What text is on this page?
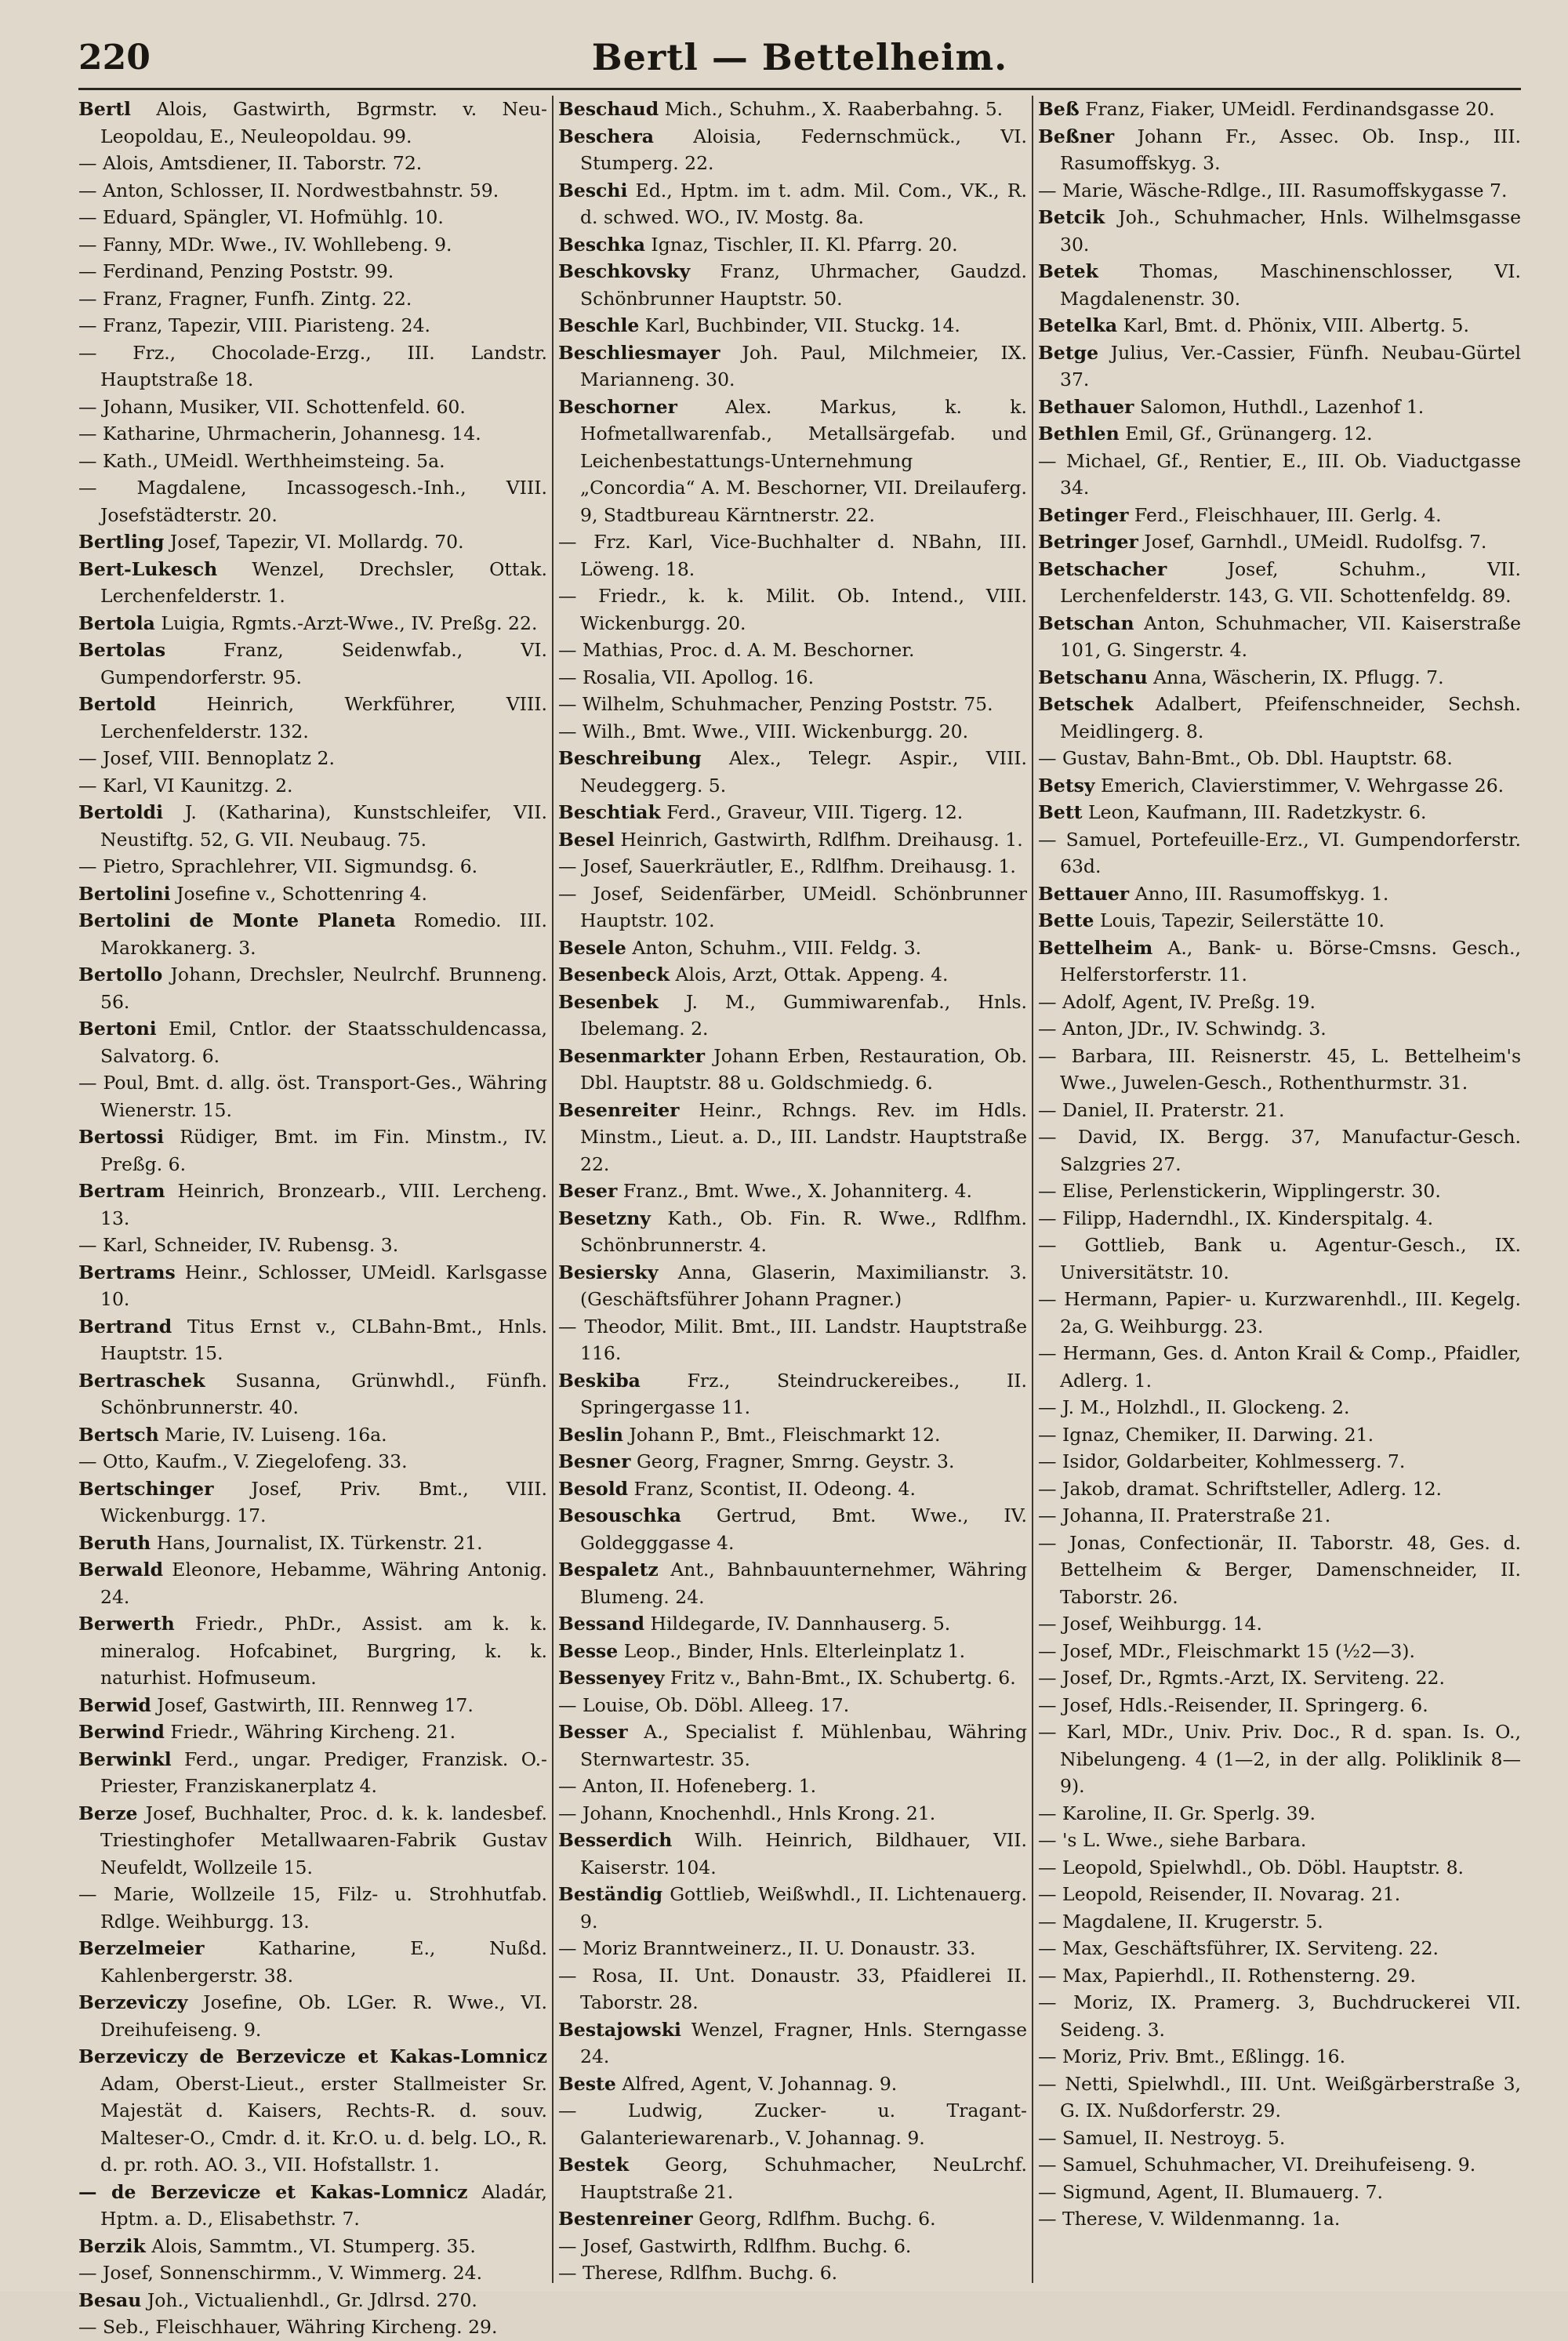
220	Bertl — Bettelheim.

Bertl Alois, Gastwirth, Bgrmstr. v. Neu-Leopoldau, E., Neuleopoldau. 99.

— Alois, Amtsdiener, II. Taborstr. 72.

— Anton, Schlosser, II. Nordwestbahnstr. 59.

— Eduard, Spängler, VI. Hofmühlg. 10.

— Fanny, MDr. Wwe., IV. Wohllebeng. 9.

— Ferdinand, Penzing Poststr. 99.

— Franz, Fragner, Funfh. Zintg. 22.

— Franz, Tapezir, VIII. Piaristeng. 24.

— Frz., Chocolade-Erzg., III. Landstr. Hauptstraße 18.

— Johann, Musiker, VII. Schottenfeld. 60.

— Katharine, Uhrmacherin, Johannesg. 14.

— Kath., UMeidl. Werthheimsteing. 5a.

— Magdalene, Incassogesch.-Inh., VIII. Josefstädterstr. 20.

Bertling Josef, Tapezir, VI. Mollardg. 70.

Bert-Lukesch Wenzel, Drechsler, Ottak. Lerchenfelderstr. 1.

Bertola Luigia, Rgmts.-Arzt-Wwe., IV. Preßg. 22.

Bertolas Franz, Seidenwfab., VI. Gumpendorferstr. 95.

Bertold Heinrich, Werkführer, VIII. Lerchenfelderstr. 132.

— Josef, VIII. Bennoplatz 2.

— Karl, VI Kaunitzg. 2.

Bertoldi J. (Katharina), Kunstschleifer, VII. Neustiftg. 52, G. VII. Neubaug. 75.

— Pietro, Sprachlehrer, VII. Sigmundsg. 6.

Bertolini Josefine v., Schottenring 4.

Bertolini de Monte Planeta Romedio. III. Marokkanerg. 3.

Bertollo Johann, Drechsler, Neulrchf. Brunneng. 56.

Bertoni Emil, Cntlor. der Staatsschuldencassa, Salvatorg. 6.

— Poul, Bmt. d. allg. öst. Transport-Ges., Währing Wienerstr. 15.

Bertossi Rüdiger, Bmt. im Fin. Minstm., IV. Preßg. 6.

Bertram Heinrich, Bronzearb., VIII. Lercheng. 13.

— Karl, Schneider, IV. Rubensg. 3.

Bertrams Heinr., Schlosser, UMeidl. Karlsgasse 10.

Bertrand Titus Ernst v., CLBahn-Bmt., Hnls. Hauptstr. 15.

Bertraschek Susanna, Grünwhdl., Fünfh. Schönbrunnerstr. 40.

Bertsch Marie, IV. Luiseng. 16a.

— Otto, Kaufm., V. Ziegelofeng. 33.

Bertschinger Josef, Priv. Bmt., VIII. Wickenburgg. 17.

Beruth Hans, Journalist, IX. Türkenstr. 21.

Berwald Eleonore, Hebamme, Währing Antonig. 24.

Berwerth Friedr., PhDr., Assist. am k. k. mineralog. Hofcabinet, Burgring, k. k. naturhist. Hofmuseum.

Berwid Josef, Gastwirth, III. Rennweg 17.

Berwind Friedr., Währing Kircheng. 21.

Berwinkl Ferd., ungar. Prediger, Franzisk. O.-Priester, Franziskanerplatz 4.

Berze Josef, Buchhalter, Proc. d. k. k. landesbef. Triestinghofer Metallwaaren-Fabrik Gustav Neufeldt, Wollzeile 15.

— Marie, Wollzeile 15, Filz- u. Strohhutfab. Rdlge. Weihburgg. 13.

Berzelmeier Katharine, E., Nußd. Kahlenbergerstr. 38.

Berzeviczy Josefine, Ob. LGer. R. Wwe., VI. Dreihufeiseng. 9.

Berzeviczy de Berzevicze et Kakas-Lomnicz Adam, Oberst-Lieut., erster Stallmeister Sr. Majestät d. Kaisers, Rechts-R. d. souv. Malteser-O., Cmdr. d. it. Kr.O. u. d. belg. LO., R. d. pr. roth. AO. 3., VII. Hofstallstr. 1.

— de Berzevicze et Kakas-Lomnicz Aladár, Hptm. a. D., Elisabethstr. 7.

Berzik Alois, Sammtm., VI. Stumperg. 35.

— Josef, Sonnenschirmm., V. Wimmerg. 24.

Besau Joh., Victualienhdl., Gr. Jdlrsd. 270.

— Seb., Fleischhauer, Währing Kircheng. 29.

Beschaud Mich., Schuhm., X. Raaberbahng. 5.

Beschera Aloisia, Federnschmück., VI. Stumperg. 22.

Beschi Ed., Hptm. im t. adm. Mil. Com., VK., R. d. schwed. WO., IV. Mostg. 8a.

Beschka Ignaz, Tischler, II. Kl. Pfarrg. 20.

Beschkovsky Franz, Uhrmacher, Gaudzd. Schönbrunner Hauptstr. 50.

Beschle Karl, Buchbinder, VII. Stuckg. 14.

Beschliesmayer Joh. Paul, Milchmeier, IX. Marianneng. 30.

Beschorner Alex. Markus, k. k. Hofmetallwarenfab., Metallsärgefab. und Leichenbestattungs-Unternehmung „Concordia“ A. M. Beschorner, VII. Dreilauferg. 9, Stadtbureau Kärntnerstr. 22.

— Frz. Karl, Vice-Buchhalter d. NBahn, III. Löweng. 18.

— Friedr., k. k. Milit. Ob. Intend., VIII. Wickenburgg. 20.

— Mathias, Proc. d. A. M. Beschorner.

— Rosalia, VII. Apollog. 16.

— Wilhelm, Schuhmacher, Penzing Poststr. 75.

— Wilh., Bmt. Wwe., VIII. Wickenburgg. 20.

Beschreibung Alex., Telegr. Aspir., VIII. Neudeggerg. 5.

Beschtiak Ferd., Graveur, VIII. Tigerg. 12.

Besel Heinrich, Gastwirth, Rdlfhm. Dreihausg. 1.

— Josef, Sauerkräutler, E., Rdlfhm. Dreihausg. 1.

— Josef, Seidenfärber, UMeidl. Schönbrunner Hauptstr. 102.

Besele Anton, Schuhm., VIII. Feldg. 3.

Besenbeck Alois, Arzt, Ottak. Appeng. 4.

Besenbek J. M., Gummiwarenfab., Hnls. Ibelemang. 2.

Besenmarkter Johann Erben, Restauration, Ob. Dbl. Hauptstr. 88 u. Goldschmiedg. 6.

Besenreiter Heinr., Rchngs. Rev. im Hdls. Minstm., Lieut. a. D., III. Landstr. Hauptstraße 22.

Beser Franz., Bmt. Wwe., X. Johanniterg. 4.

Besetzny Kath., Ob. Fin. R. Wwe., Rdlfhm. Schönbrunnerstr. 4.

Besiersky Anna, Glaserin, Maximilianstr. 3. (Geschäftsführer Johann Pragner.)

— Theodor, Milit. Bmt., III. Landstr. Hauptstraße 116.

Beskiba Frz., Steindruckereibes., II. Springergasse 11.

Beslin Johann P., Bmt., Fleischmarkt 12.

Besner Georg, Fragner, Smrng. Geystr. 3.

Besold Franz, Scontist, II. Odeong. 4.

Besouschka Gertrud, Bmt. Wwe., IV. Goldegggasse 4.

Bespaletz Ant., Bahnbauunternehmer, Währing Blumeng. 24.

Bessand Hildegarde, IV. Dannhauserg. 5.

Besse Leop., Binder, Hnls. Elterleinplatz 1.

Bessenyey Fritz v., Bahn-Bmt., IX. Schubertg. 6.

— Louise, Ob. Döbl. Alleeg. 17.

Besser A., Specialist f. Mühlenbau, Währing Sternwartestr. 35.

— Anton, II. Hofeneberg. 1.

— Johann, Knochenhdl., Hnls Krong. 21.

Besserdich Wilh. Heinrich, Bildhauer, VII. Kaiserstr. 104.

Beständig Gottlieb, Weißwhdl., II. Lichtenauerg. 9.

— Moriz Branntweinerz., II. U. Donaustr. 33.

— Rosa, II. Unt. Donaustr. 33, Pfaidlerei II. Taborstr. 28.

Bestajowski Wenzel, Fragner, Hnls. Sterngasse 24.

Beste Alfred, Agent, V. Johannag. 9.

— Ludwig, Zucker- u. Tragant-Galanteriewarenarb., V. Johannag. 9.

Bestek Georg, Schuhmacher, NeuLrchf. Hauptstraße 21.

Bestenreiner Georg, Rdlfhm. Buchg. 6.

— Josef, Gastwirth, Rdlfhm. Buchg. 6.

— Therese, Rdlfhm. Buchg. 6.

Beß Franz, Fiaker, UMeidl. Ferdinandsgasse 20.

Beßner Johann Fr., Assec. Ob. Insp., III. Rasumoffskyg. 3.

— Marie, Wäsche-Rdlge., III. Rasumoffskygasse 7.

Betcik Joh., Schuhmacher, Hnls. Wilhelmsgasse 30.

Betek Thomas, Maschinenschlosser, VI. Magdalenenstr. 30.

Betelka Karl, Bmt. d. Phönix, VIII. Albertg. 5.

Betge Julius, Ver.-Cassier, Fünfh. Neubau-Gürtel 37.

Bethauer Salomon, Huthdl., Lazenhof 1.

Bethlen Emil, Gf., Grünangerg. 12.

— Michael, Gf., Rentier, E., III. Ob. Viaductgasse 34.

Betinger Ferd., Fleischhauer, III. Gerlg. 4.

Betringer Josef, Garnhdl., UMeidl. Rudolfsg. 7.

Betschacher Josef, Schuhm., VII. Lerchenfelderstr. 143, G. VII. Schottenfeldg. 89.

Betschan Anton, Schuhmacher, VII. Kaiserstraße 101, G. Singerstr. 4.

Betschanu Anna, Wäscherin, IX. Pflugg. 7.

Betschek Adalbert, Pfeifenschneider, Sechsh. Meidlingerg. 8.

— Gustav, Bahn-Bmt., Ob. Dbl. Hauptstr. 68.

Betsy Emerich, Clavierstimmer, V. Wehrgasse 26.

Bett Leon, Kaufmann, III. Radetzkystr. 6.

— Samuel, Portefeuille-Erz., VI. Gumpendorferstr. 63d.

Bettauer Anno, III. Rasumoffskyg. 1.

Bette Louis, Tapezir, Seilerstätte 10.

Bettelheim A., Bank- u. Börse-Cmsns. Gesch., Helferstorferstr. 11.

— Adolf, Agent, IV. Preßg. 19.

— Anton, JDr., IV. Schwindg. 3.

— Barbara, III. Reisnerstr. 45, L. Bettelheim's Wwe., Juwelen-Gesch., Rothenthurmstr. 31.

— Daniel, II. Praterstr. 21.

— David, IX. Bergg. 37, Manufactur-Gesch. Salzgries 27.

— Elise, Perlenstickerin, Wipplingerstr. 30.

— Filipp, Haderndhl., IX. Kinderspitalg. 4.

— Gottlieb, Bank u. Agentur-Gesch., IX. Universitätstr. 10.

— Hermann, Papier- u. Kurzwarenhdl., III. Kegelg. 2a, G. Weihburgg. 23.

— Hermann, Ges. d. Anton Krail & Comp., Pfaidler, Adlerg. 1.

— J. M., Holzhdl., II. Glockeng. 2.

— Ignaz, Chemiker, II. Darwing. 21.

— Isidor, Goldarbeiter, Kohlmesserg. 7.

— Jakob, dramat. Schriftsteller, Adlerg. 12.

— Johanna, II. Praterstraße 21.

— Jonas, Confectionär, II. Taborstr. 48, Ges. d. Bettelheim & Berger, Damenschneider, II. Taborstr. 26.

— Josef, Weihburgg. 14.

— Josef, MDr., Fleischmarkt 15 (½2—3).

— Josef, Dr., Rgmts.-Arzt, IX. Serviteng. 22.

— Josef, Hdls.-Reisender, II. Springerg. 6.

— Karl, MDr., Univ. Priv. Doc., R d. span. Is. O., Nibelungeng. 4 (1—2, in der allg. Poliklinik 8—9).

— Karoline, II. Gr. Sperlg. 39.

— 's L. Wwe., siehe Barbara.

— Leopold, Spielwhdl., Ob. Döbl. Hauptstr. 8.

— Leopold, Reisender, II. Novarag. 21.

— Magdalene, II. Krugerstr. 5.

— Max, Geschäftsführer, IX. Serviteng. 22.

— Max, Papierhdl., II. Rothensterng. 29.

— Moriz, IX. Pramerg. 3, Buchdruckerei VII. Seideng. 3.

— Moriz, Priv. Bmt., Eßlingg. 16.

— Netti, Spielwhdl., III. Unt. Weißgärberstraße 3, G. IX. Nußdorferstr. 29.

— Samuel, II. Nestroyg. 5.

— Samuel, Schuhmacher, VI. Dreihufeiseng. 9.

— Sigmund, Agent, II. Blumauerg. 7.

— Therese, V. Wildenmanng. 1a.
